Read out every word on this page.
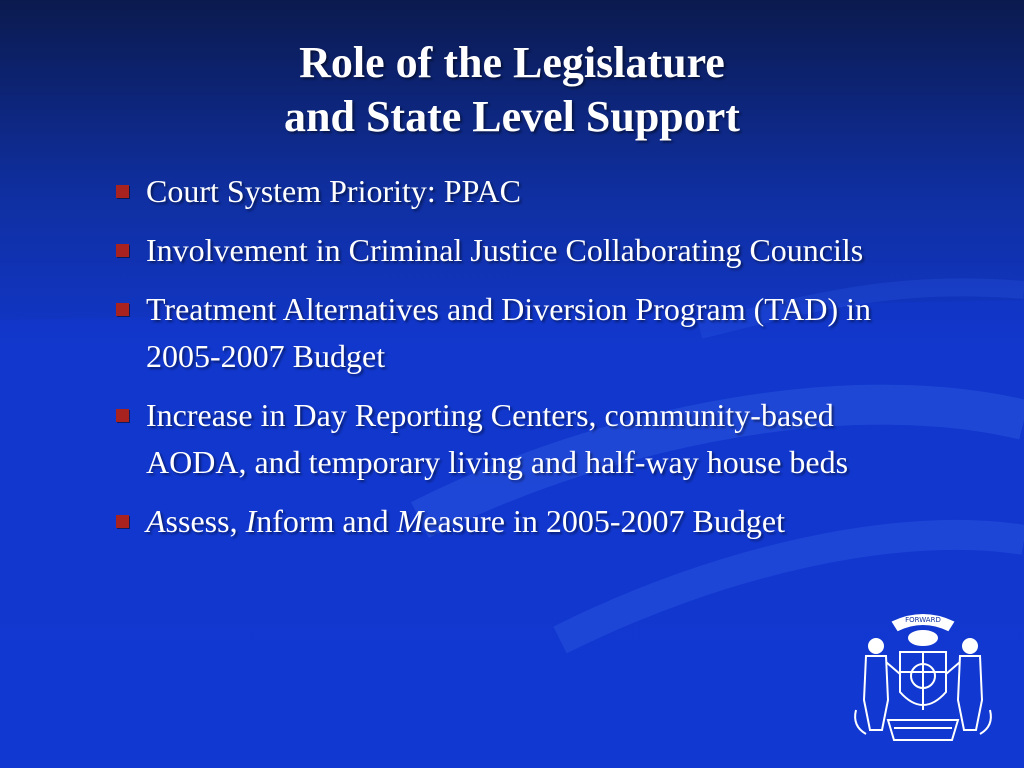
Role of the Legislature
and State Level Support
Court System Priority: PPAC
Involvement in Criminal Justice Collaborating Councils
Treatment Alternatives and Diversion Program (TAD) in 2005-2007 Budget
Increase in Day Reporting Centers, community-based AODA, and temporary living and half-way house beds
Assess, Inform and Measure in 2005-2007 Budget
FORWARD
